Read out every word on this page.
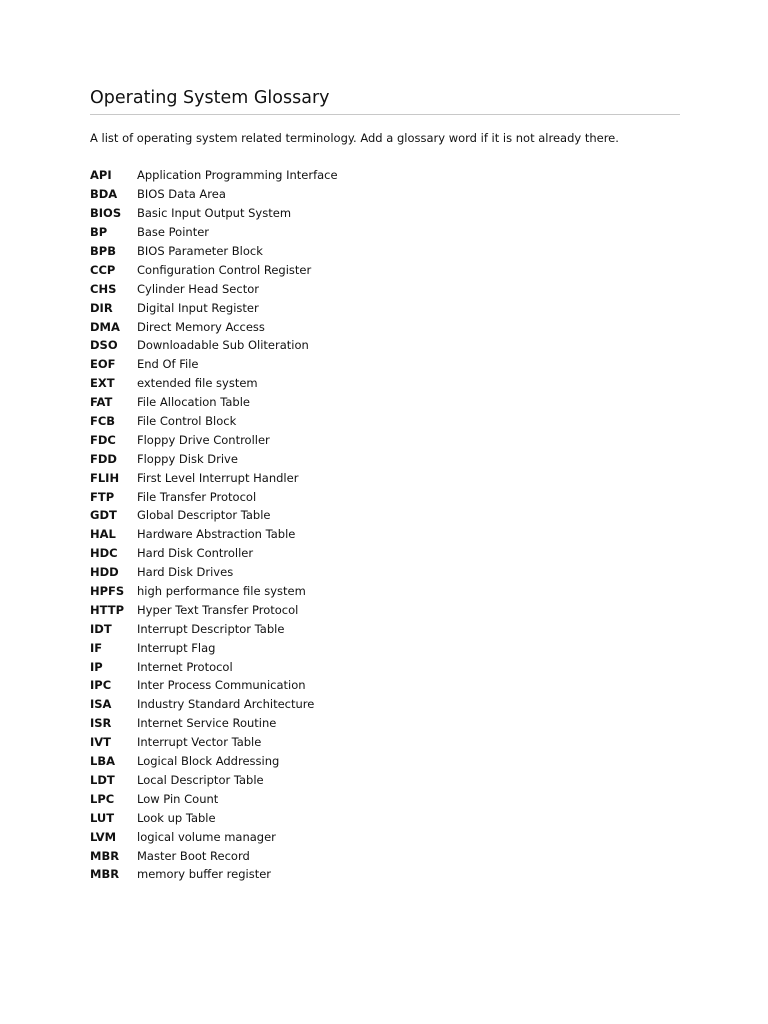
Operating System Glossary

A list of operating system related terminology. Add a glossary word if it is not already there.

API	Application Programming Interface
BDA	BIOS Data Area
BIOS	Basic Input Output System
BP	Base Pointer
BPB	BIOS Parameter Block
CCP	Configuration Control Register
CHS	Cylinder Head Sector
DIR	Digital Input Register
DMA	Direct Memory Access
DSO	Downloadable Sub Oliteration
EOF	End Of File
EXT	extended file system
FAT	File Allocation Table
FCB	File Control Block
FDC	Floppy Drive Controller
FDD	Floppy Disk Drive
FLIH	First Level Interrupt Handler
FTP	File Transfer Protocol
GDT	Global Descriptor Table
HAL	Hardware Abstraction Table
HDC	Hard Disk Controller
HDD	Hard Disk Drives
HPFS	high performance file system
HTTP	Hyper Text Transfer Protocol
IDT	Interrupt Descriptor Table
IF	Interrupt Flag
IP	Internet Protocol
IPC	Inter Process Communication
ISA	Industry Standard Architecture
ISR	Internet Service Routine
IVT	Interrupt Vector Table
LBA	Logical Block Addressing
LDT	Local Descriptor Table
LPC	Low Pin Count
LUT	Look up Table
LVM	logical volume manager
MBR	Master Boot Record
MBR	memory buffer register
